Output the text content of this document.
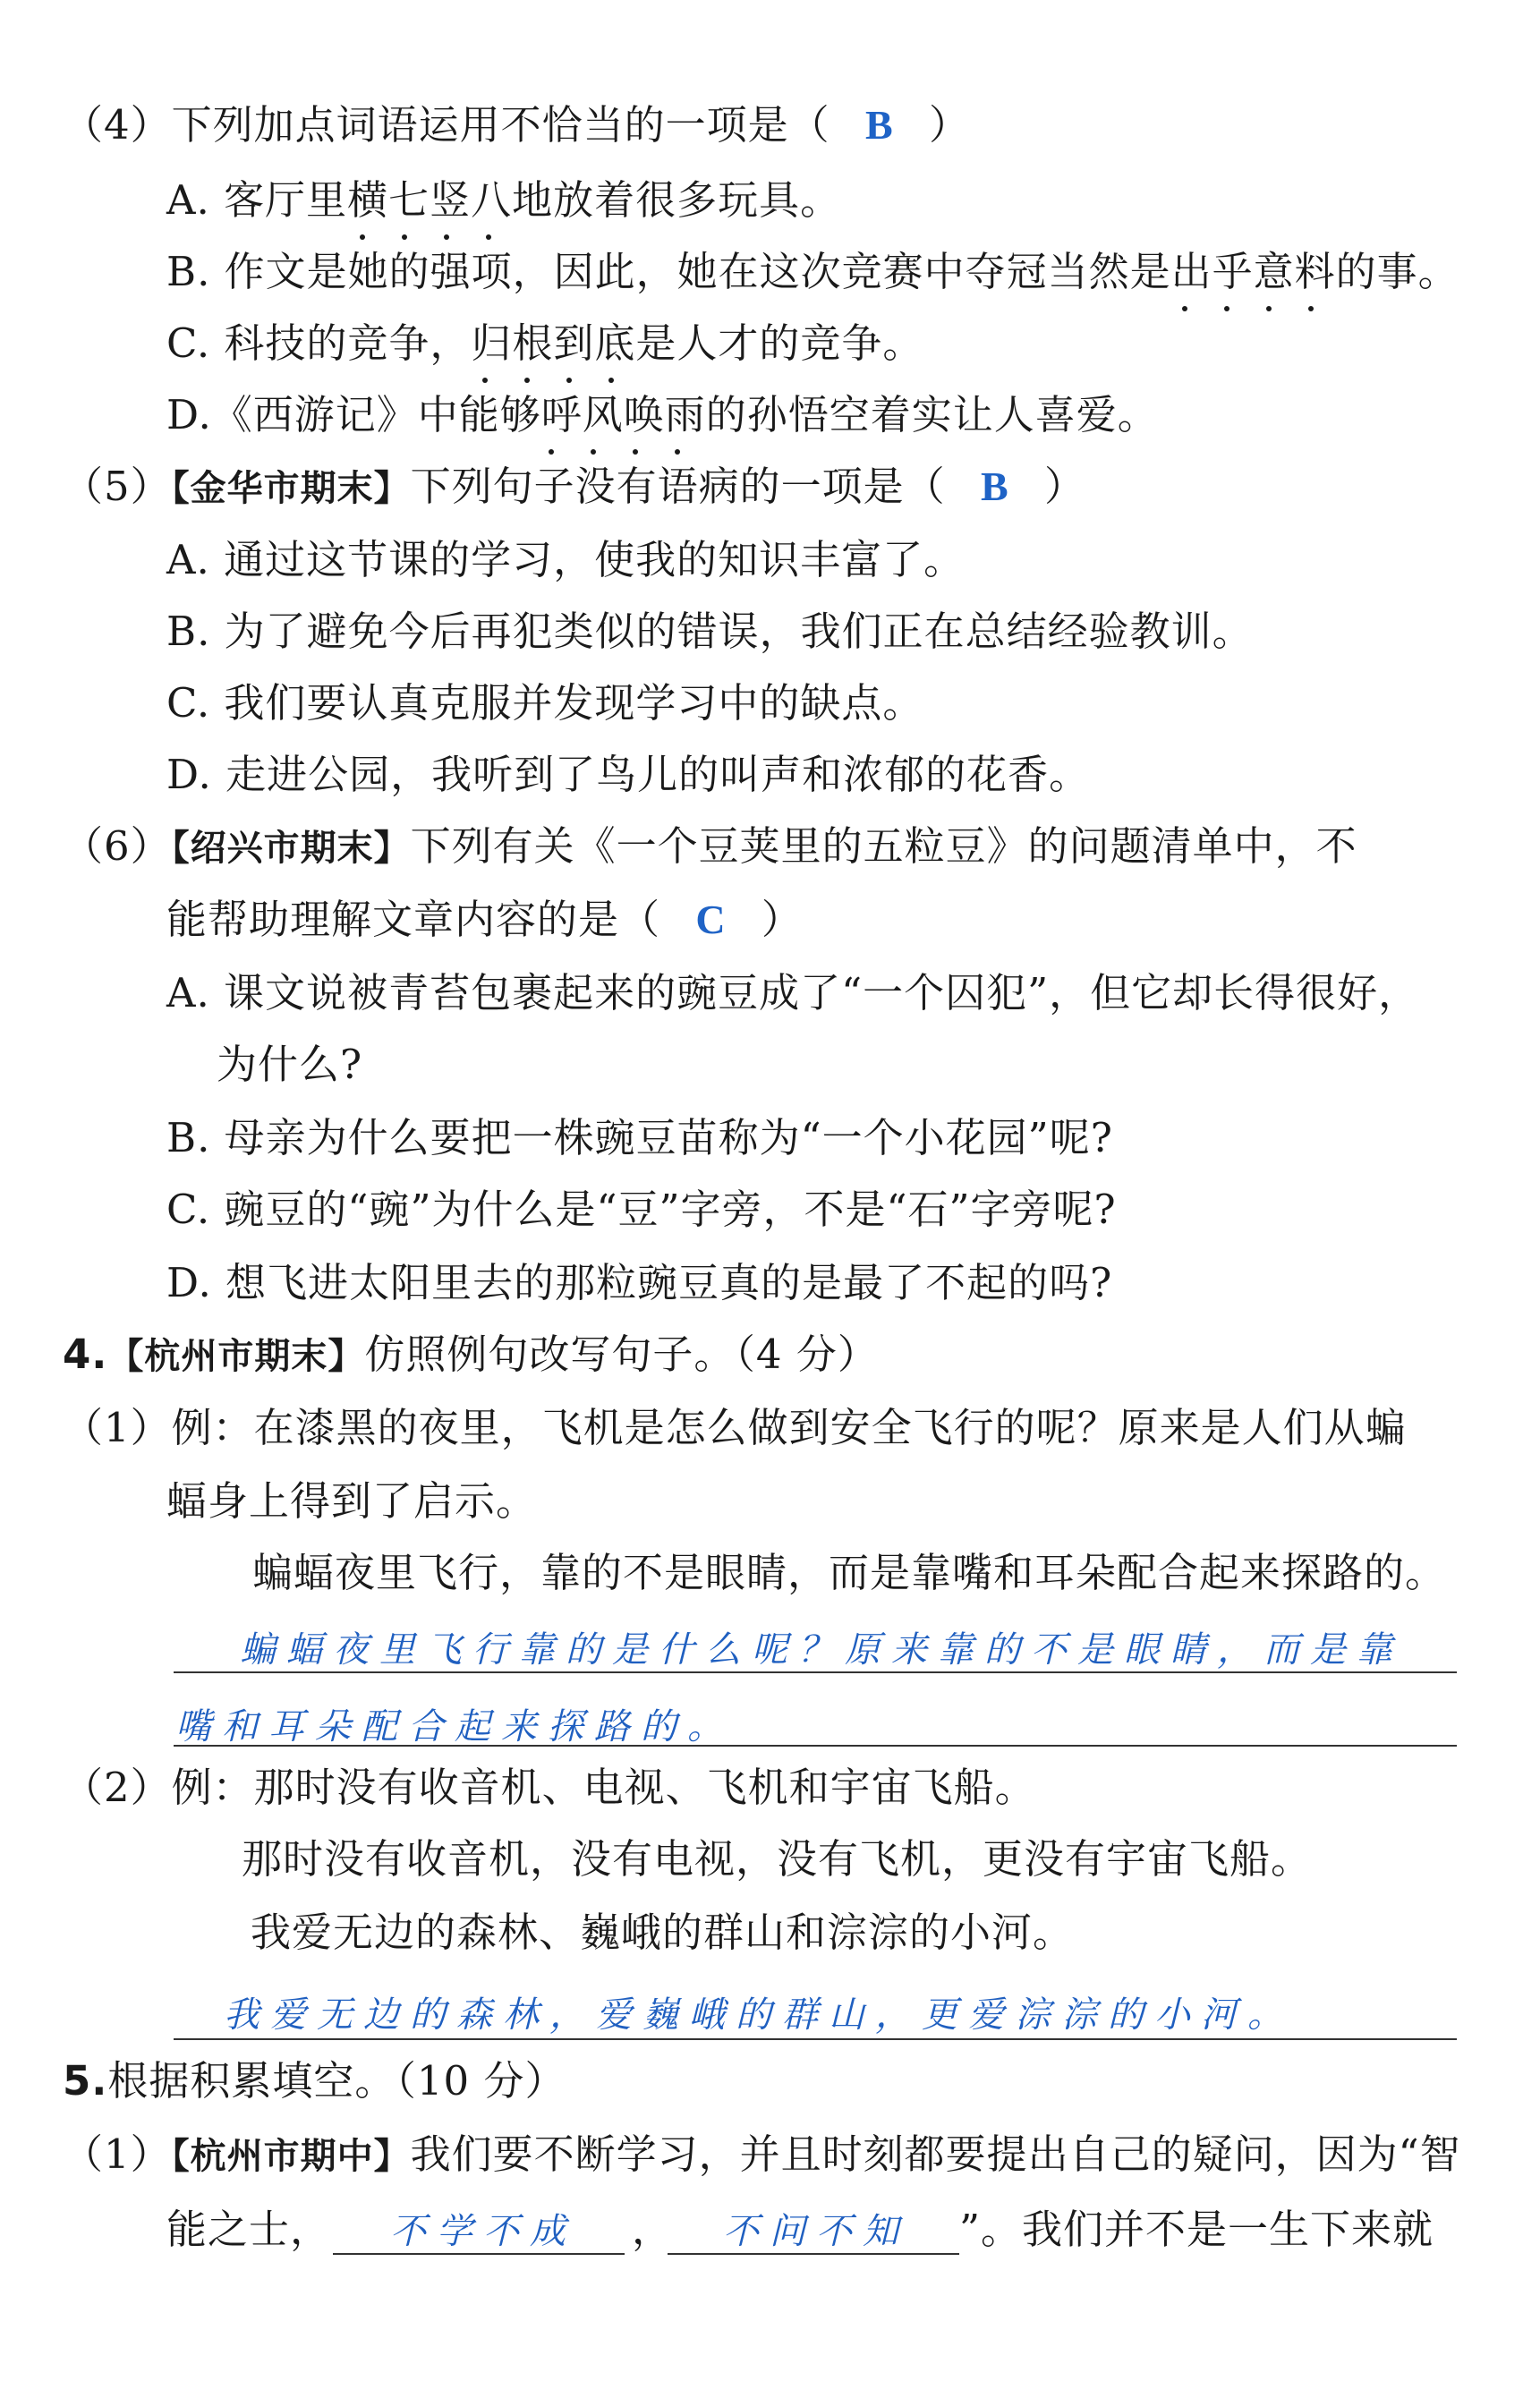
（4）下列加点词语运用不恰当的一项是（ B ）
A. 客厅里横七竖八地放着很多玩具。
B. 作文是她的强项，因此，她在这次竞赛中夺冠当然是出乎意料的事。
C. 科技的竞争，归根到底是人才的竞争。
D.《西游记》中能够呼风唤雨的孙悟空着实让人喜爱。
（5）【金华市期末】下列句子没有语病的一项是（ B ）
A. 通过这节课的学习，使我的知识丰富了。
B. 为了避免今后再犯类似的错误，我们正在总结经验教训。
C. 我们要认真克服并发现学习中的缺点。
D. 走进公园，我听到了鸟儿的叫声和浓郁的花香。
（6）【绍兴市期末】下列有关《一个豆荚里的五粒豆》的问题清单中，不
能帮助理解文章内容的是（ C ）
A. 课文说被青苔包裹起来的豌豆成了“一个囚犯”，但它却长得很好，
为什么?
B. 母亲为什么要把一株豌豆苗称为“一个小花园”呢?
C. 豌豆的“豌”为什么是“豆”字旁，不是“石”字旁呢?
D. 想飞进太阳里去的那粒豌豆真的是最了不起的吗?
4.【杭州市期末】仿照例句改写句子。（4 分）
（1）例：在漆黑的夜里，飞机是怎么做到安全飞行的呢？原来是人们从蝙
蝠身上得到了启示。
蝙蝠夜里飞行，靠的不是眼睛，而是靠嘴和耳朵配合起来探路的。
蝙蝠夜里飞行靠的是什么呢？原来靠的不是眼睛，而是靠
嘴和耳朵配合起来探路的。
（2）例：那时没有收音机、电视、飞机和宇宙飞船。
那时没有收音机，没有电视，没有飞机，更没有宇宙飞船。
我爱无边的森林、巍峨的群山和淙淙的小河。
我爱无边的森林，爱巍峨的群山，更爱淙淙的小河。
5.根据积累填空。（10 分）
（1）【杭州市期中】我们要不断学习，并且时刻都要提出自己的疑问，因为“智
能之士， 不学不成 ， 不问不知 ”。我们并不是一生下来就
